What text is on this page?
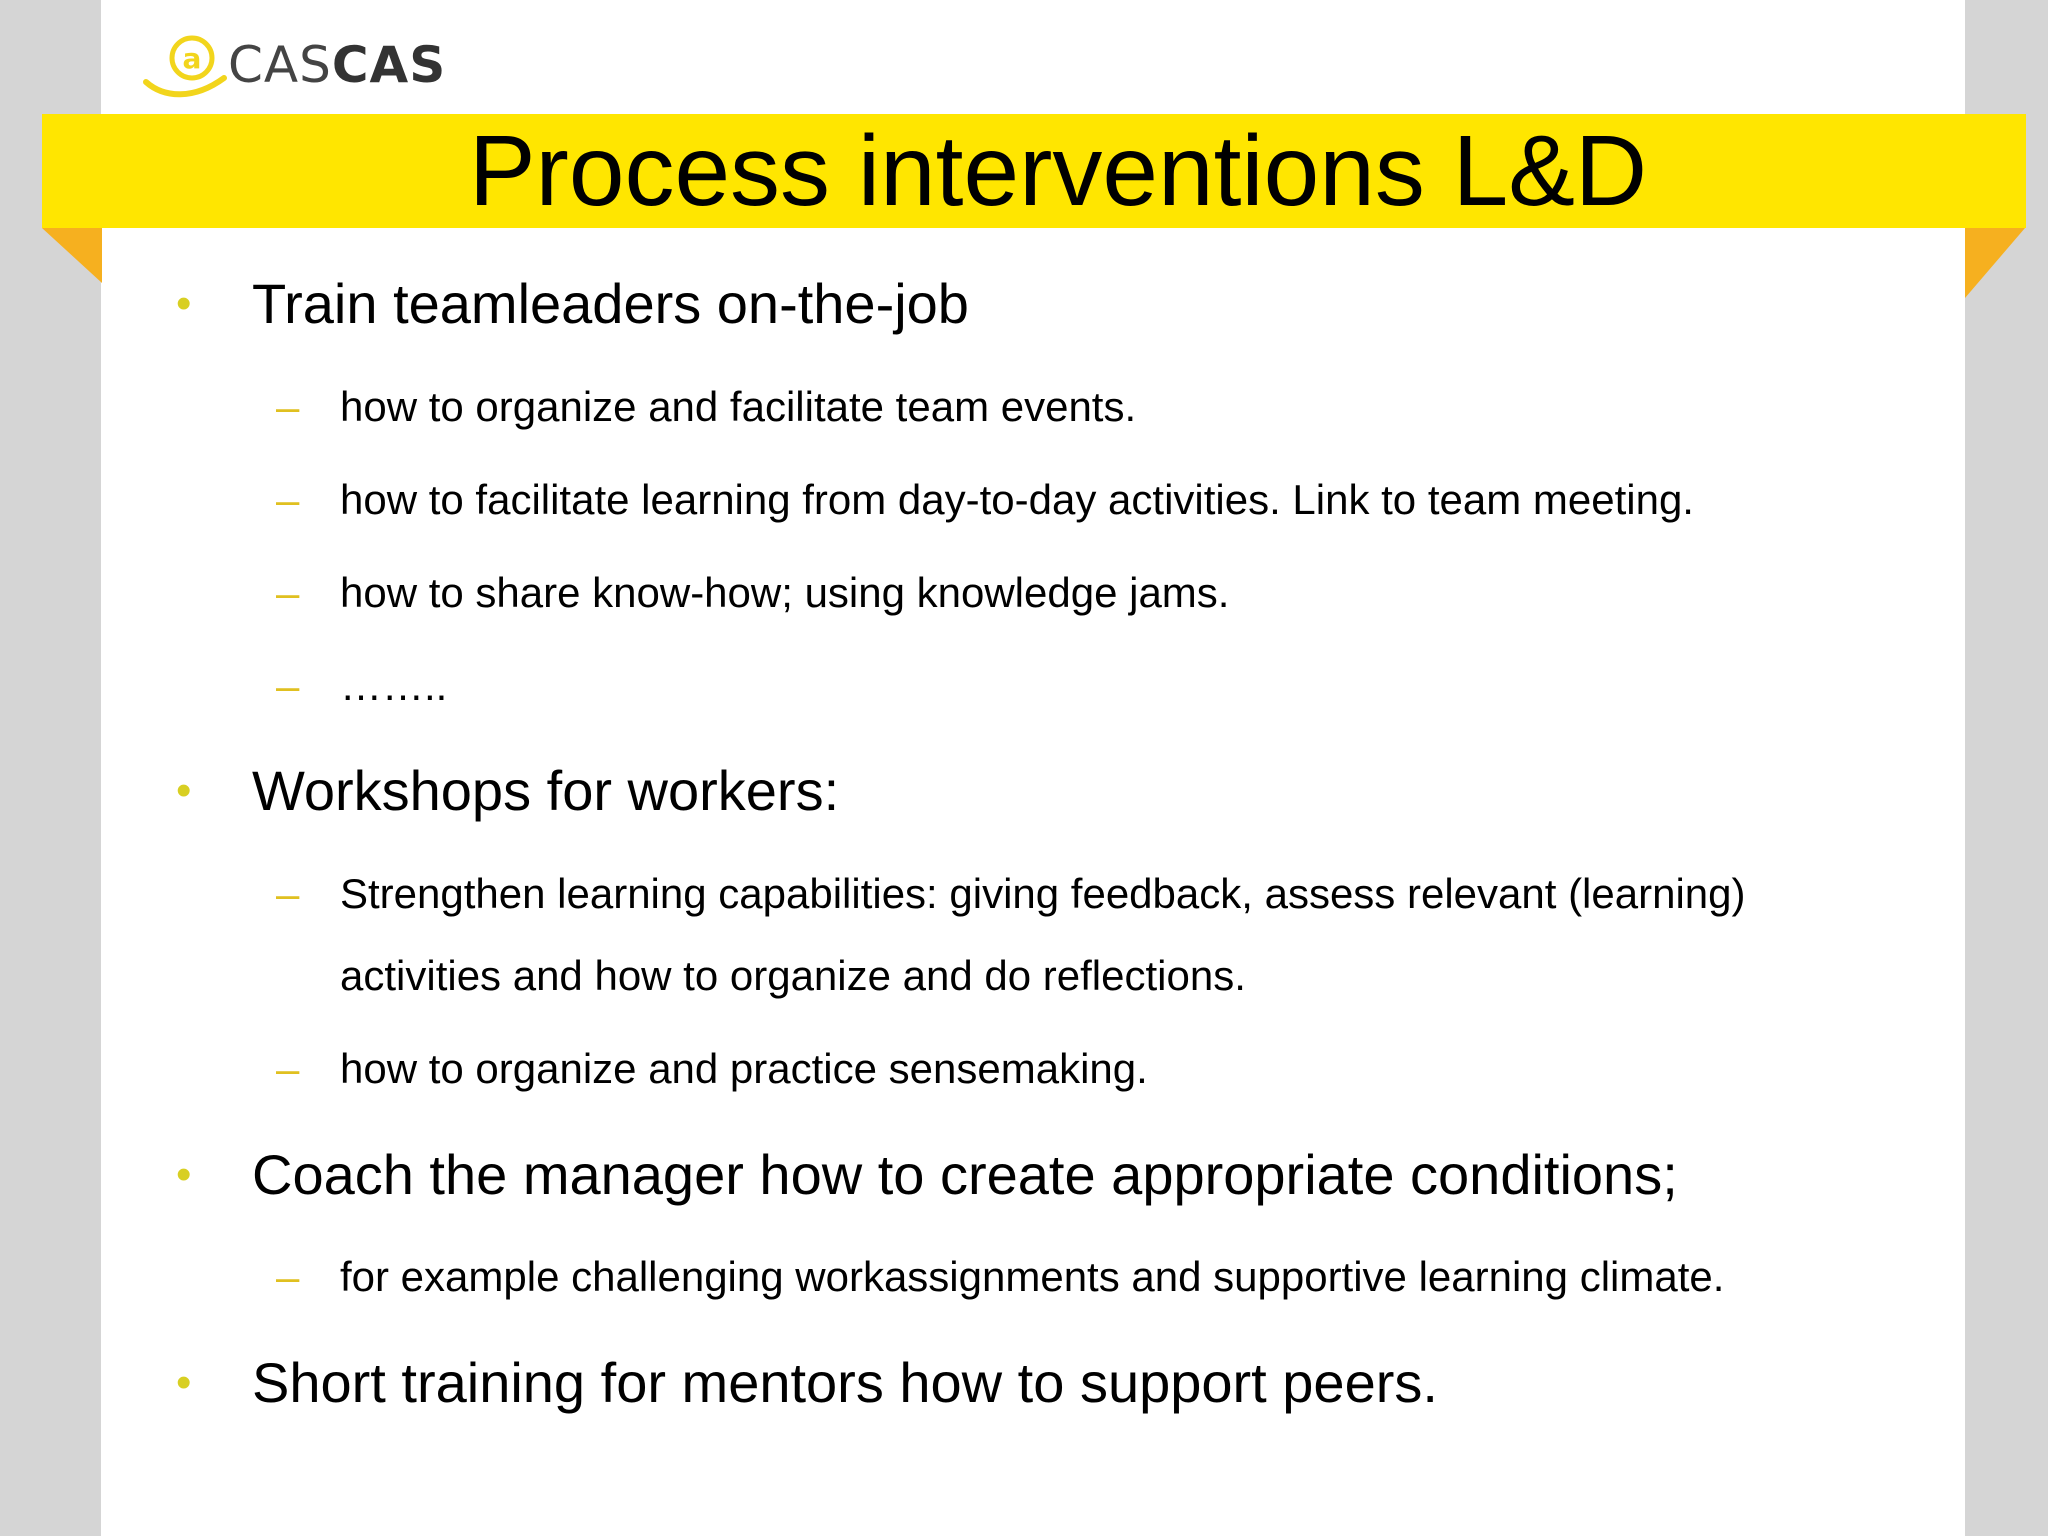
a CASCAS
Process interventions L&D
• Train teamleaders on-the-job
– how to organize and facilitate team events.
– how to facilitate learning from day-to-day activities. Link to team meeting.
– how to share know-how; using knowledge jams.
– ……..
• Workshops for workers:
– Strengthen learning capabilities: giving feedback, assess relevant (learning)
activities and how to organize and do reflections.
– how to organize and practice sensemaking.
• Coach the manager how to create appropriate conditions;
– for example challenging workassignments and supportive learning climate.
• Short training for mentors how to support peers.
